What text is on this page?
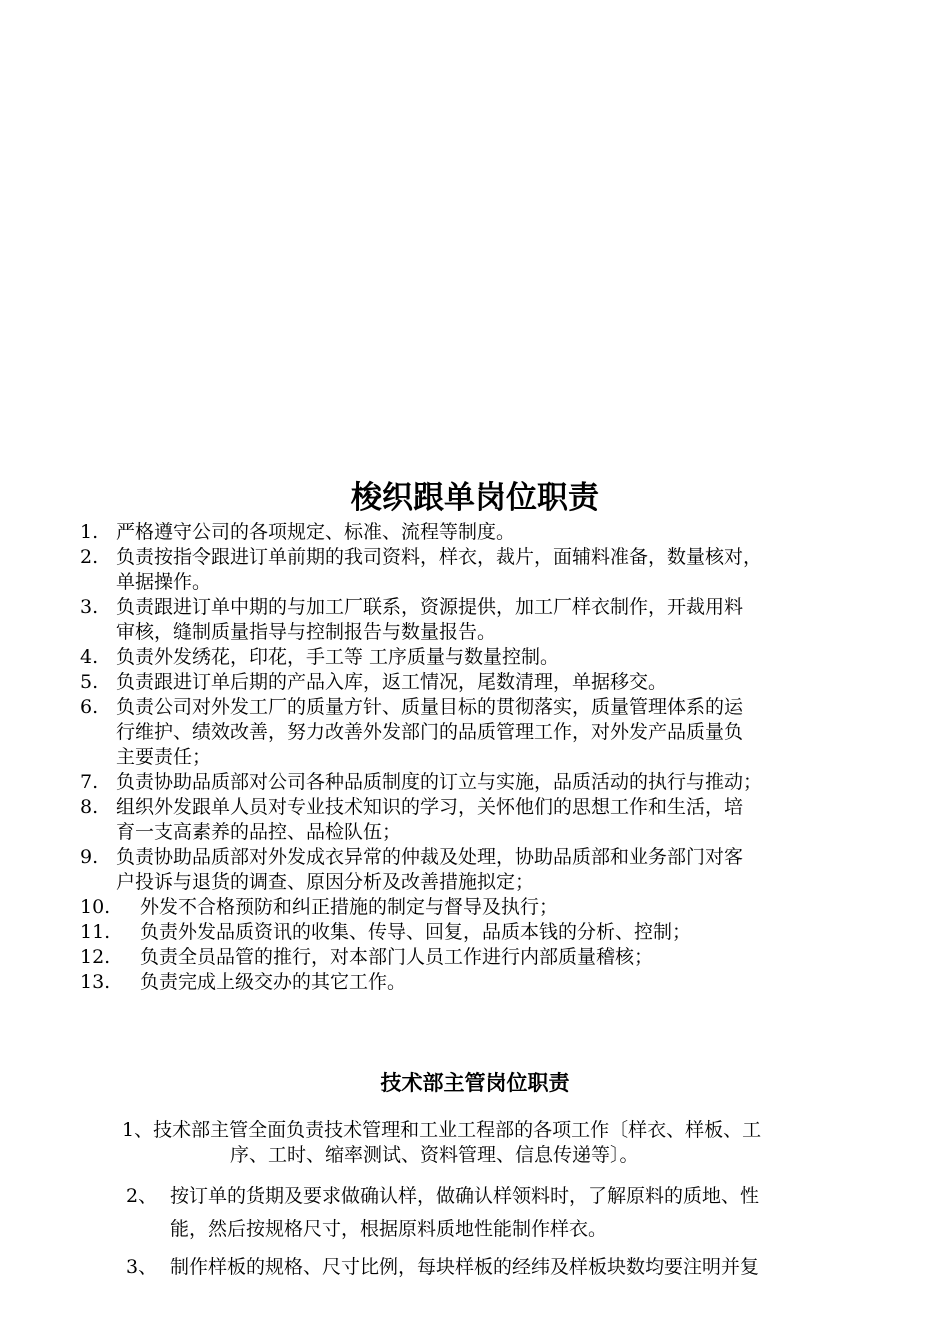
梭织跟单岗位职责
1. 严格遵守公司的各项规定、标准、流程等制度。
2. 负责按指令跟进订单前期的我司资料，样衣，裁片，面辅料准备，数量核对，
单据操作。
3. 负责跟进订单中期的与加工厂联系，资源提供，加工厂样衣制作，开裁用料
审核，缝制质量指导与控制报告与数量报告。
4. 负责外发绣花，印花，手工等 工序质量与数量控制。
5. 负责跟进订单后期的产品入库，返工情况，尾数清理，单据移交。
6. 负责公司对外发工厂的质量方针、质量目标的贯彻落实，质量管理体系的运
行维护、绩效改善，努力改善外发部门的品质管理工作，对外发产品质量负
主要责任；
7. 负责协助品质部对公司各种品质制度的订立与实施，品质活动的执行与推动；
8. 组织外发跟单人员对专业技术知识的学习，关怀他们的思想工作和生活，培
育一支高素养的品控、品检队伍；
9. 负责协助品质部对外发成衣异常的仲裁及处理，协助品质部和业务部门对客
户投诉与退货的调查、原因分析及改善措施拟定；
10. 外发不合格预防和纠正措施的制定与督导及执行；
11. 负责外发品质资讯的收集、传导、回复，品质本钱的分析、控制；
12. 负责全员品管的推行，对本部门人员工作进行内部质量稽核；
13. 负责完成上级交办的其它工作。
技术部主管岗位职责
1、技术部主管全面负责技术管理和工业工程部的各项工作〔样衣、样板、工
序、工时、缩率测试、资料管理、信息传递等〕。
2、 按订单的货期及要求做确认样，做确认样领料时，了解原料的质地、性
能，然后按规格尺寸，根据原料质地性能制作样衣。
3、 制作样板的规格、尺寸比例，每块样板的经纬及样板块数均要注明并复
